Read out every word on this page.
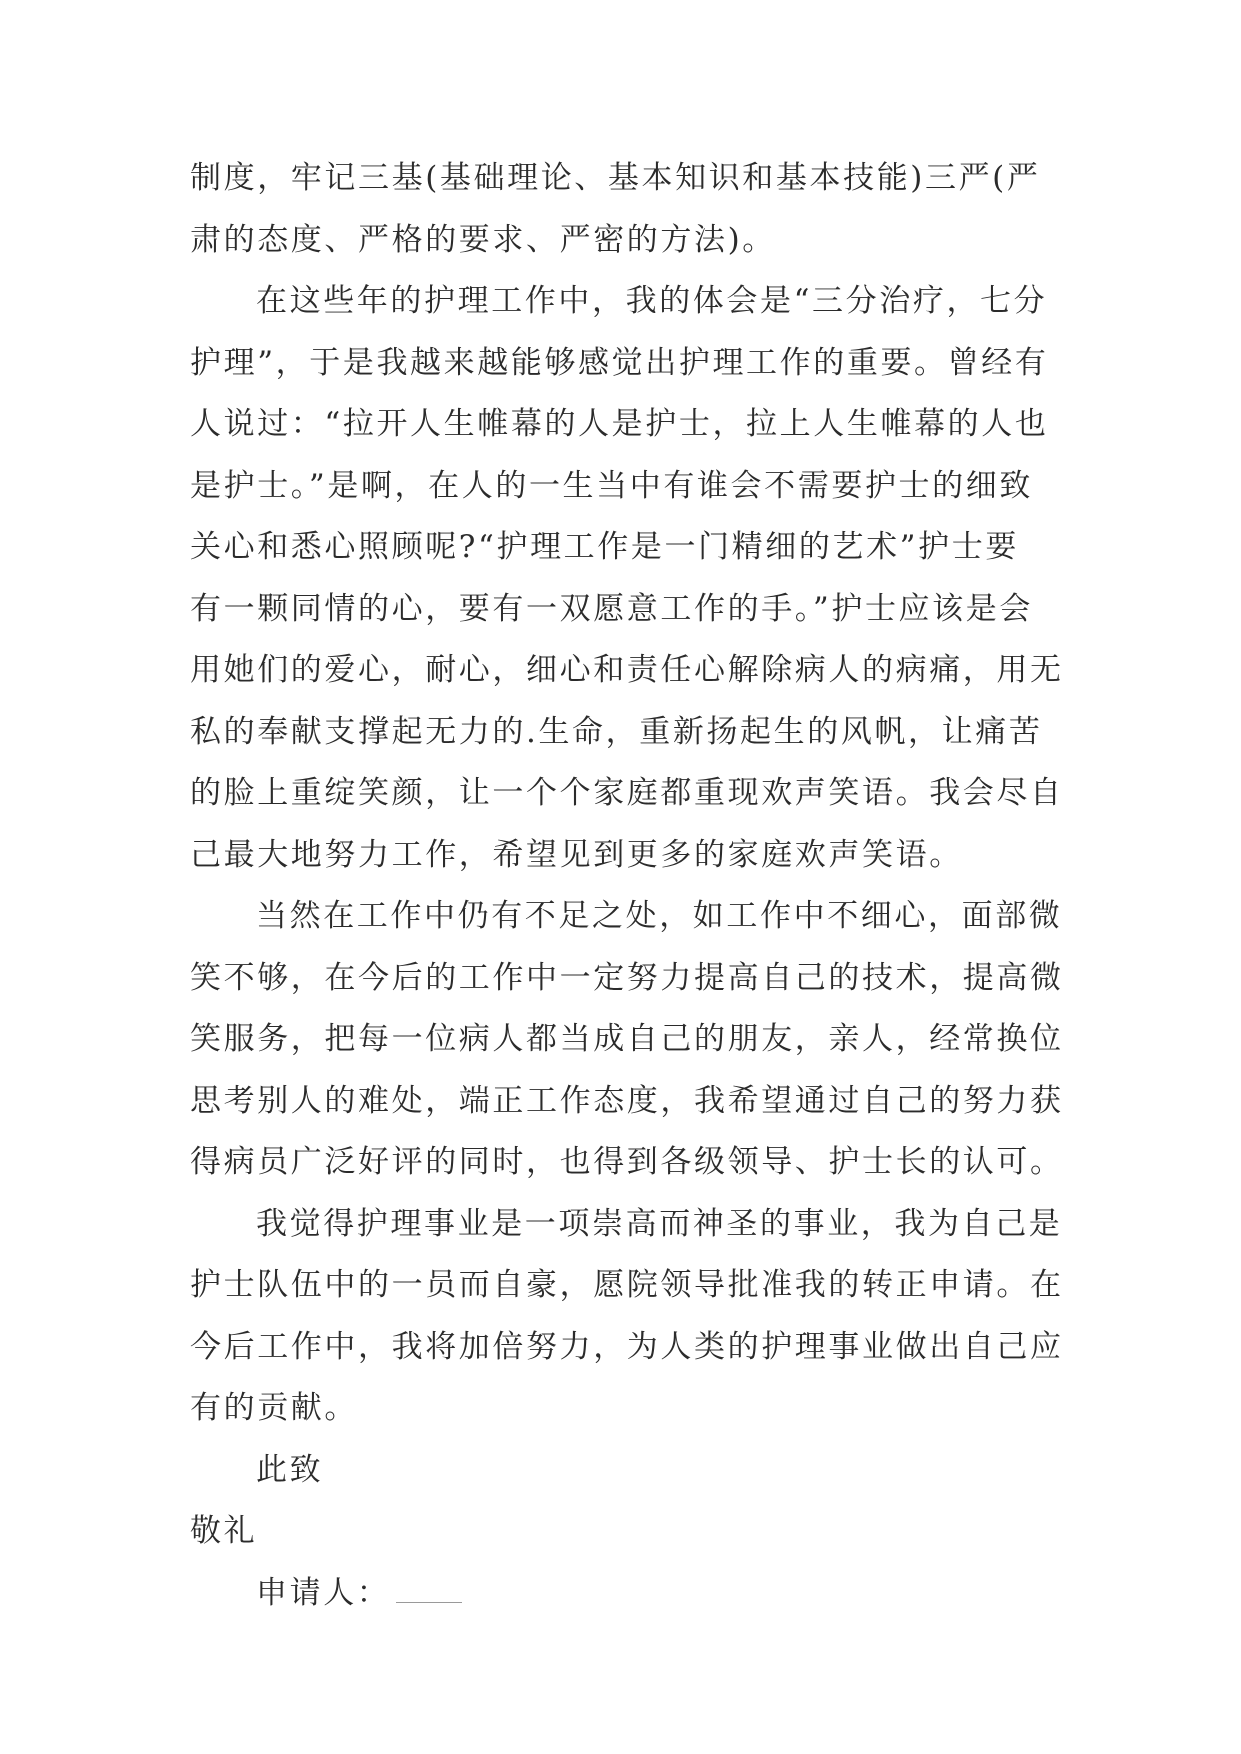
制度，牢记三基(基础理论、基本知识和基本技能)三严(严
肃的态度、严格的要求、严密的方法)。
在这些年的护理工作中，我的体会是“三分治疗，七分
护理”，于是我越来越能够感觉出护理工作的重要。曾经有
人说过：“拉开人生帷幕的人是护士，拉上人生帷幕的人也
是护士。”是啊，在人的一生当中有谁会不需要护士的细致
关心和悉心照顾呢?“护理工作是一门精细的艺术”护士要
有一颗同情的心，要有一双愿意工作的手。”护士应该是会
用她们的爱心，耐心，细心和责任心解除病人的病痛，用无
私的奉献支撑起无力的.生命，重新扬起生的风帆，让痛苦
的脸上重绽笑颜，让一个个家庭都重现欢声笑语。我会尽自
己最大地努力工作，希望见到更多的家庭欢声笑语。
当然在工作中仍有不足之处，如工作中不细心，面部微
笑不够，在今后的工作中一定努力提高自己的技术，提高微
笑服务，把每一位病人都当成自己的朋友，亲人，经常换位
思考别人的难处，端正工作态度，我希望通过自己的努力获
得病员广泛好评的同时，也得到各级领导、护士长的认可。
我觉得护理事业是一项崇高而神圣的事业，我为自己是
护士队伍中的一员而自豪，愿院领导批准我的转正申请。在
今后工作中，我将加倍努力，为人类的护理事业做出自己应
有的贡献。
此致
敬礼
申请人：
